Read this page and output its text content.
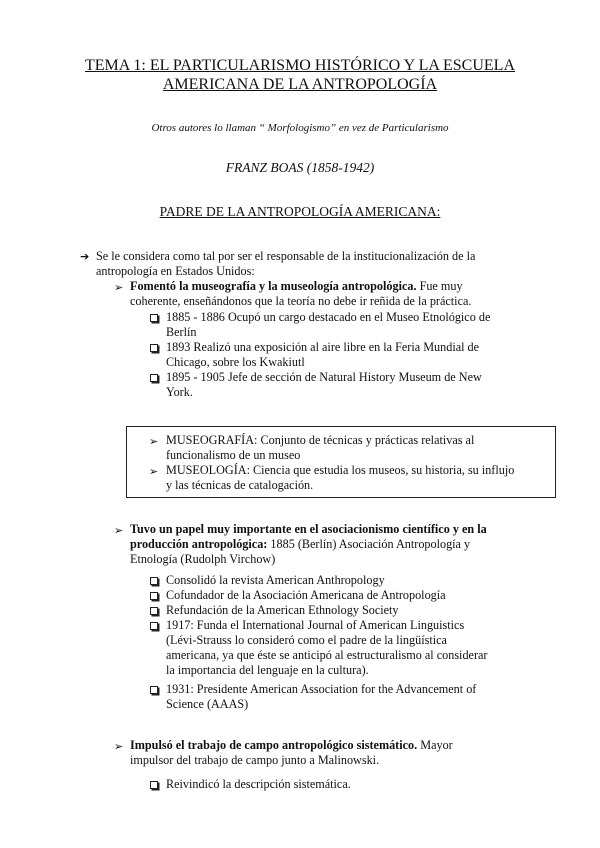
TEMA 1: EL PARTICULARISMO HISTÓRICO Y LA ESCUELA
AMERICANA DE LA ANTROPOLOGÍA
Otros autores lo llaman “ Morfologismo” en vez de Particularismo
FRANZ BOAS (1858-1942)
PADRE DE LA ANTROPOLOGÍA AMERICANA:
➔ Se le considera como tal por ser el responsable de la institucionalización de la
antropología en Estados Unidos:
➢ Fomentó la museografía y la museología antropológica. Fue muy
coherente, enseñándonos que la teoría no debe ir reñida de la práctica.
1885 - 1886 Ocupó un cargo destacado en el Museo Etnológico de
Berlín
1893 Realizó una exposición al aire libre en la Feria Mundial de
Chicago, sobre los Kwakiutl
1895 - 1905 Jefe de sección de Natural History Museum de New
York.
➢ MUSEOGRAFÍA: Conjunto de técnicas y prácticas relativas al
funcionalismo de un museo
➢ MUSEOLOGÍA: Ciencia que estudia los museos, su historia, su influjo
y las técnicas de catalogación.
➢ Tuvo un papel muy importante en el asociacionismo científico y en la
producción antropológica: 1885 (Berlín) Asociación Antropología y
Etnología (Rudolph Virchow)
Consolidó la revista American Anthropology
Cofundador de la Asociación Americana de Antropología
Refundación de la American Ethnology Society
1917: Funda el International Journal of American Linguistics
(Lévi-Strauss lo consideró como el padre de la lingüística
americana, ya que éste se anticipó al estructuralismo al considerar
la importancia del lenguaje en la cultura).
1931: Presidente American Association for the Advancement of
Science (AAAS)
➢ Impulsó el trabajo de campo antropológico sistemático. Mayor
impulsor del trabajo de campo junto a Malinowski.
Reivindicó la descripción sistemática.
